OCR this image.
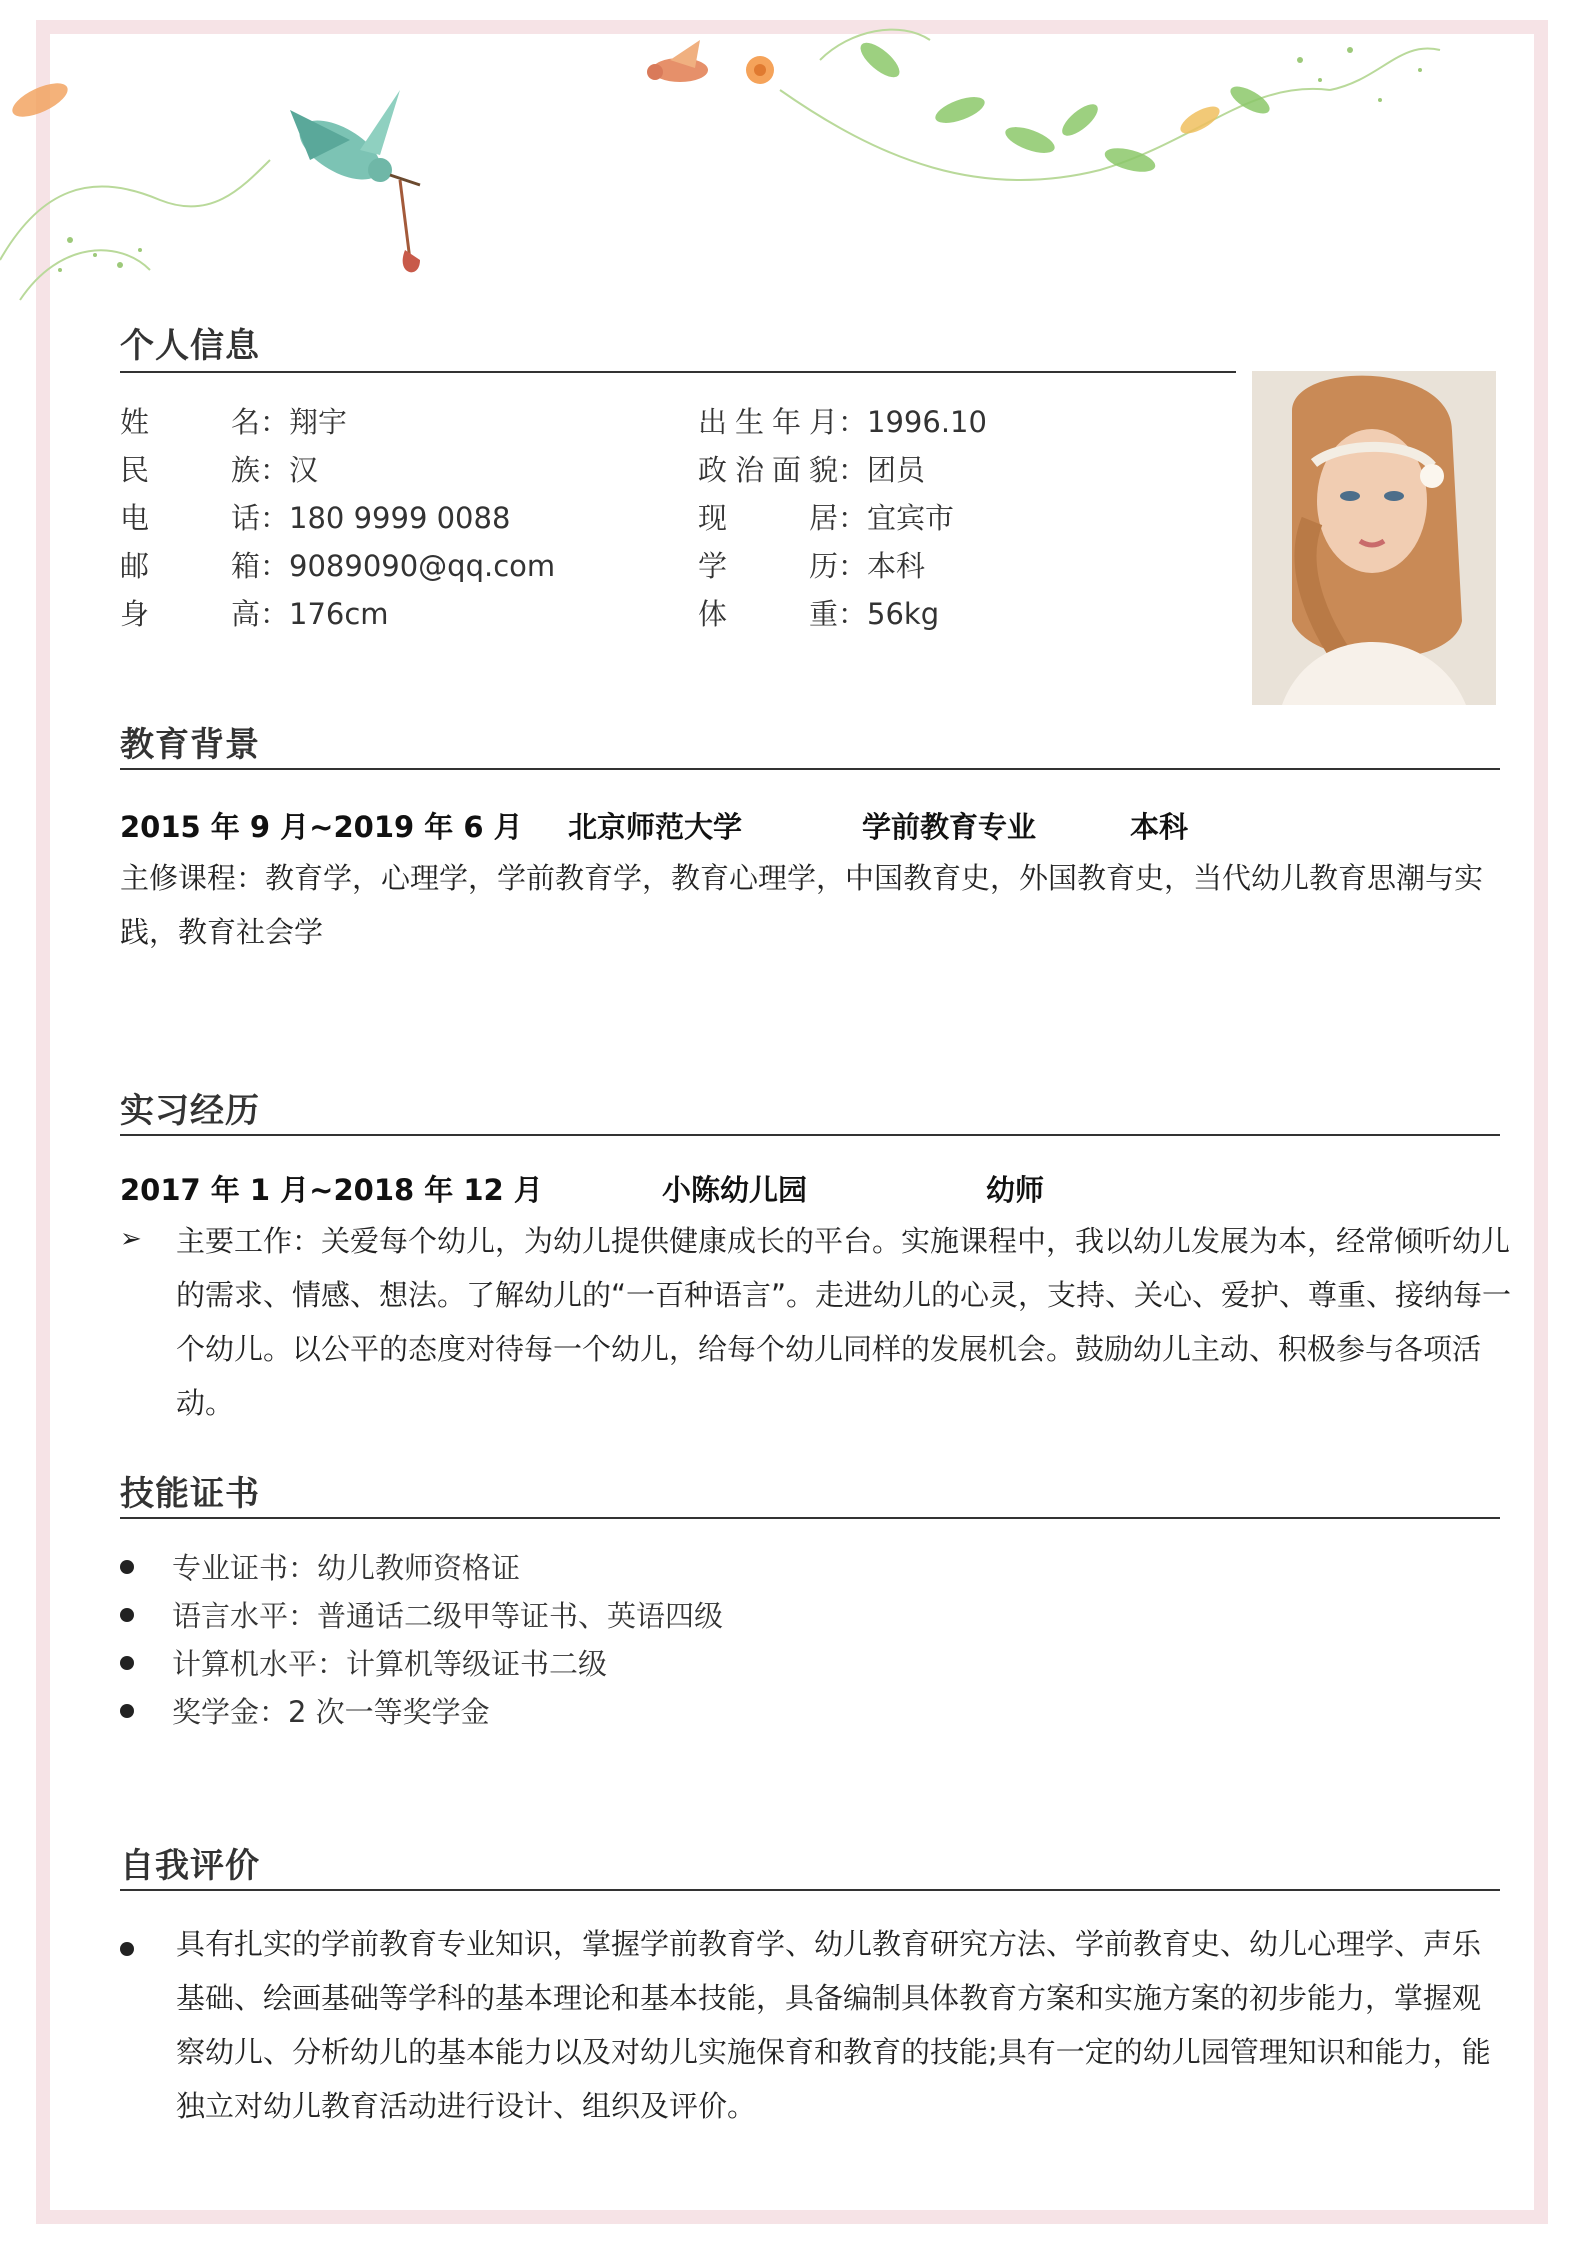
个人信息
姓名：翔宇
民族：汉
电话：180 9999 0088
邮箱：9089090@qq.com
身高：176cm
出生年月：1996.10
政治面貌：团员
现居：宜宾市
学历：本科
体重：56kg
教育背景
2015 年 9 月~2019 年 6 月 北京师范大学	学前教育专业	本科
主修课程：教育学，心理学，学前教育学，教育心理学，中国教育史，外国教育史，当代幼儿教育思潮与实践，教育社会学
实习经历
2017 年 1 月~2018 年 12 月	小陈幼儿园	幼师
➢ 主要工作：关爱每个幼儿，为幼儿提供健康成长的平台。实施课程中，我以幼儿发展为本，经常倾听幼儿的需求、情感、想法。了解幼儿的“一百种语言”。走进幼儿的心灵，支持、关心、爱护、尊重、接纳每一个幼儿。以公平的态度对待每一个幼儿，给每个幼儿同样的发展机会。鼓励幼儿主动、积极参与各项活动。
技能证书
专业证书：幼儿教师资格证
语言水平：普通话二级甲等证书、英语四级
计算机水平：计算机等级证书二级
奖学金：2 次一等奖学金
自我评价
具有扎实的学前教育专业知识，掌握学前教育学、幼儿教育研究方法、学前教育史、幼儿心理学、声乐基础、绘画基础等学科的基本理论和基本技能，具备编制具体教育方案和实施方案的初步能力，掌握观察幼儿、分析幼儿的基本能力以及对幼儿实施保育和教育的技能;具有一定的幼儿园管理知识和能力，能独立对幼儿教育活动进行设计、组织及评价。
